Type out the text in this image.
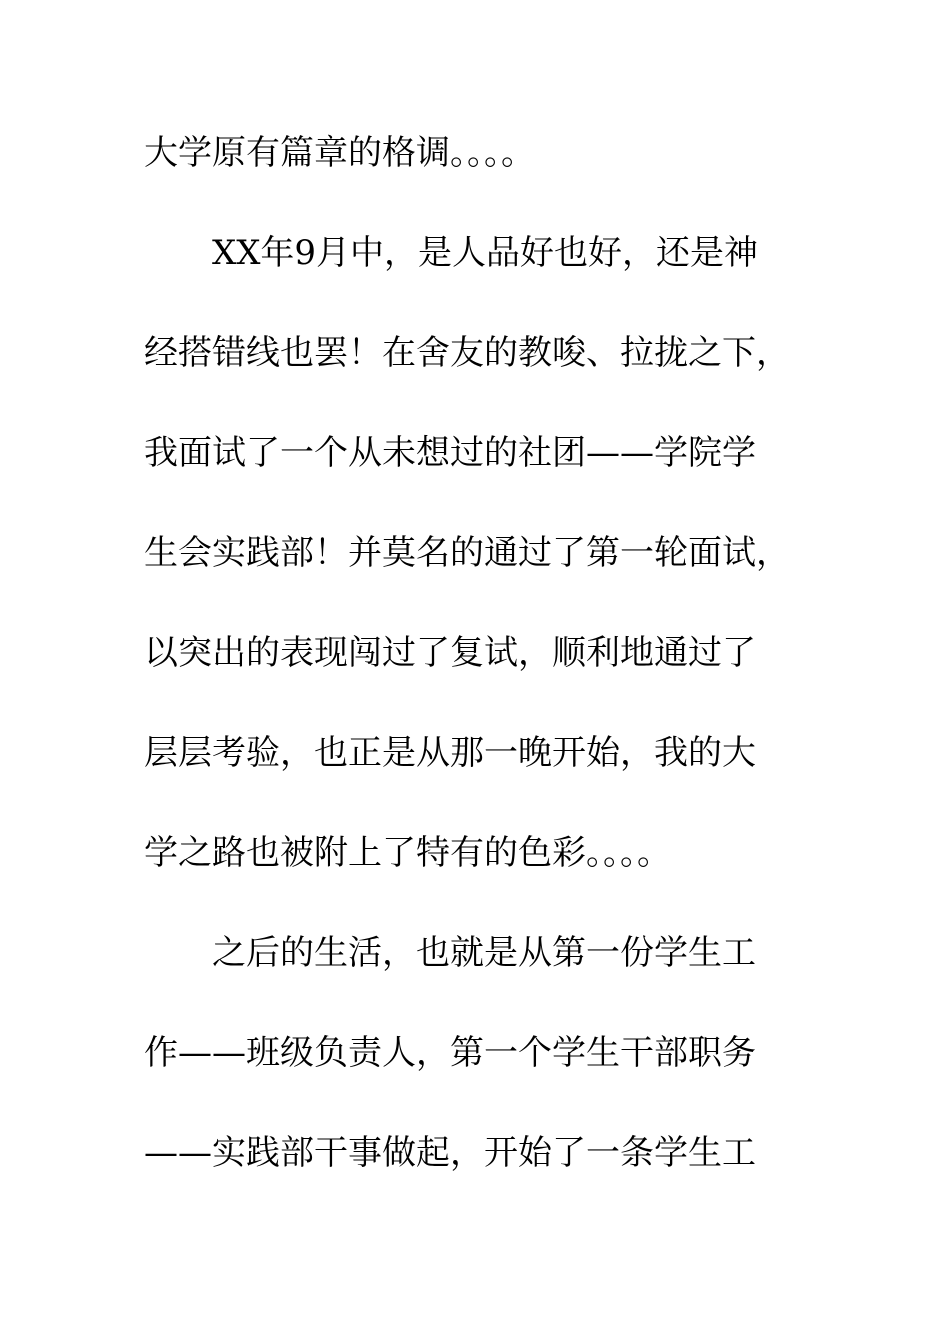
大学原有篇章的格调。。。。
XX年9月中，是人品好也好，还是神
经搭错线也罢！在舍友的教唆、拉拢之下，
我面试了一个从未想过的社团——学院学
生会实践部！并莫名的通过了第一轮面试，
以突出的表现闯过了复试，顺利地通过了
层层考验，也正是从那一晚开始，我的大
学之路也被附上了特有的色彩。。。。
之后的生活，也就是从第一份学生工
作——班级负责人，第一个学生干部职务
——实践部干事做起，开始了一条学生工
